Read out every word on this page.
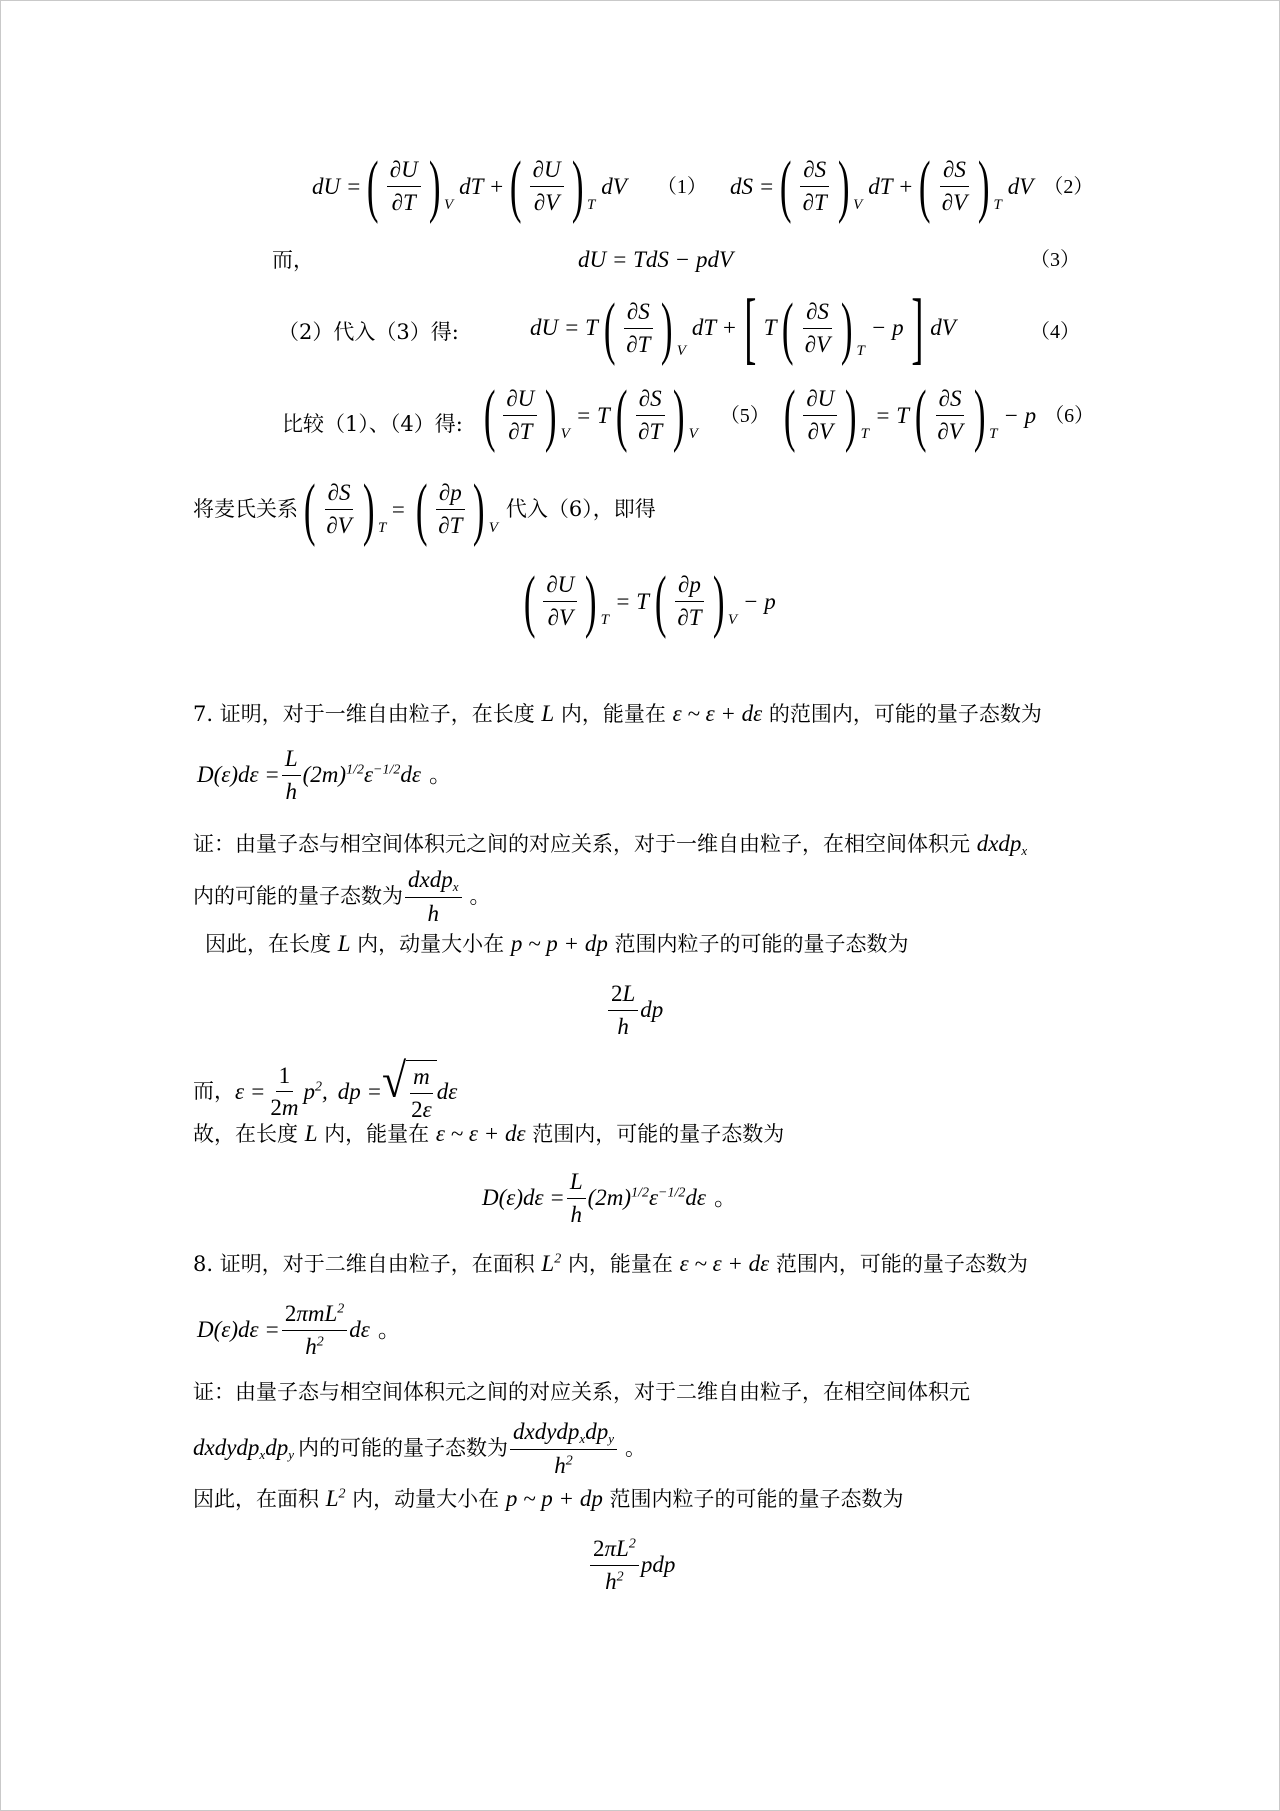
dU = ( $\frac{\partial U}{\partial T}$ ) V
dT + ( $\frac{\partial U}{\partial V}$ ) T
dV （1） dS = ( $\frac{\partial S}{\partial T}$ ) V
dT + ( $\frac{\partial S}{\partial V}$ ) T
dV （2）
而，	dU = TdS − pdV	（3）
（2）代入（3）得:	dU = T ( $\frac{\partial S}{\partial T}$ ) V
dT + [ T ( $\frac{\partial S}{\partial V}$ ) T
− p ] dV	（4）
比较（1）、（4）得: ( $\frac{\partial U}{\partial T}$ ) V
= T ( $\frac{\partial S}{\partial T}$ ) V
（5） ( $\frac{\partial U}{\partial V}$ ) T
= T ( $\frac{\partial S}{\partial V}$ ) T
− p （6）
将麦氏关系 ( $\frac{\partial S}{\partial V}$ ) T
= ( $\frac{\partial p}{\partial T}$ ) V
代入（6），即得
( $\frac{\partial U}{\partial V}$ ) T
= T ( $\frac{\partial p}{\partial T}$ ) V
− p
7. 证明，对于一维自由粒子，在长度 L 内，能量在 ε ~ ε + dε 的范围内，可能的量子态数为
$D(\varepsilon)d\varepsilon = \frac{L}{h} (2m)^{1/2}\varepsilon^{-1/2}d\varepsilon$ 。
证：由量子态与相空间体积元之间的对应关系，对于一维自由粒子，在相空间体积元 dxdpx
内的可能的量子态数为 $\frac{\text{dxdpx}}{h}$ 。
因此，在长度 L 内，动量大小在 p ~ p + dp 范围内粒子的可能的量子态数为
$\frac{2L}{h}$ dp
而， $\varepsilon = \frac{1}{2m} p^2$, dp = √ $\frac{m}{2\varepsilon}$ dε
故，在长度 L 内，能量在 ε ~ ε + dε 范围内，可能的量子态数为
$D(\varepsilon)d\varepsilon = \frac{L}{h} (2m)^{1/2}\varepsilon^{-1/2}d\varepsilon$ 。
8. 证明，对于二维自由粒子，在面积 $L^2$ 内，能量在 ε ~ ε + dε 范围内，可能的量子态数为
$D(\varepsilon)d\varepsilon = \frac{2\pi mL^2}{h^2}$ dε 。
证：由量子态与相空间体积元之间的对应关系，对于二维自由粒子，在相空间体积元
dxdydpxdpy 内的可能的量子态数为 $\frac{\text{dxdydpxdpy}}{h^2}$ 。
因此，在面积 $L^2$ 内，动量大小在 p ~ p + dp 范围内粒子的可能的量子态数为
$\frac{2\pi L^2}{h^2}$ pdp
